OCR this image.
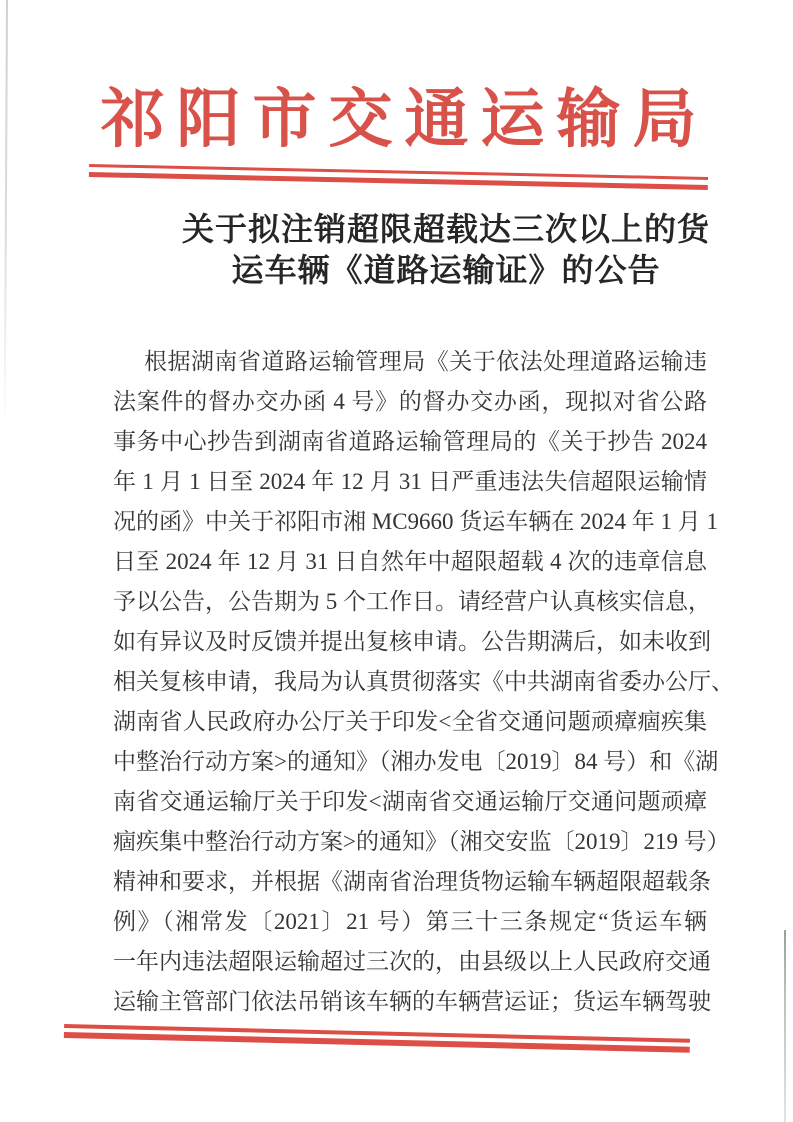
祁阳市交通运输局
关于拟注销超限超载达三次以上的货
运车辆《道路运输证》的公告
根据湖南省道路运输管理局《关于依法处理道路运输违
法案件的督办交办函 4 号》的督办交办函，现拟对省公路
事务中心抄告到湖南省道路运输管理局的《关于抄告 2024
年 1 月 1 日至 2024 年 12 月 31 日严重违法失信超限运输情
况的函》中关于祁阳市湘 MC9660 货运车辆在 2024 年 1 月 1
日至 2024 年 12 月 31 日自然年中超限超载 4 次的违章信息
予以公告，公告期为 5 个工作日。请经营户认真核实信息，
如有异议及时反馈并提出复核申请。公告期满后，如未收到
相关复核申请，我局为认真贯彻落实《中共湖南省委办公厅、
湖南省人民政府办公厅关于印发<全省交通问题顽瘴痼疾集
中整治行动方案>的通知》（湘办发电〔2019〕84 号）和《湖
南省交通运输厅关于印发<湖南省交通运输厅交通问题顽瘴
痼疾集中整治行动方案>的通知》（湘交安监〔2019〕219 号）
精神和要求，并根据《湖南省治理货物运输车辆超限超载条
例》（湘常发〔2021〕21 号）第三十三条规定“货运车辆
一年内违法超限运输超过三次的，由县级以上人民政府交通
运输主管部门依法吊销该车辆的车辆营运证；货运车辆驾驶
